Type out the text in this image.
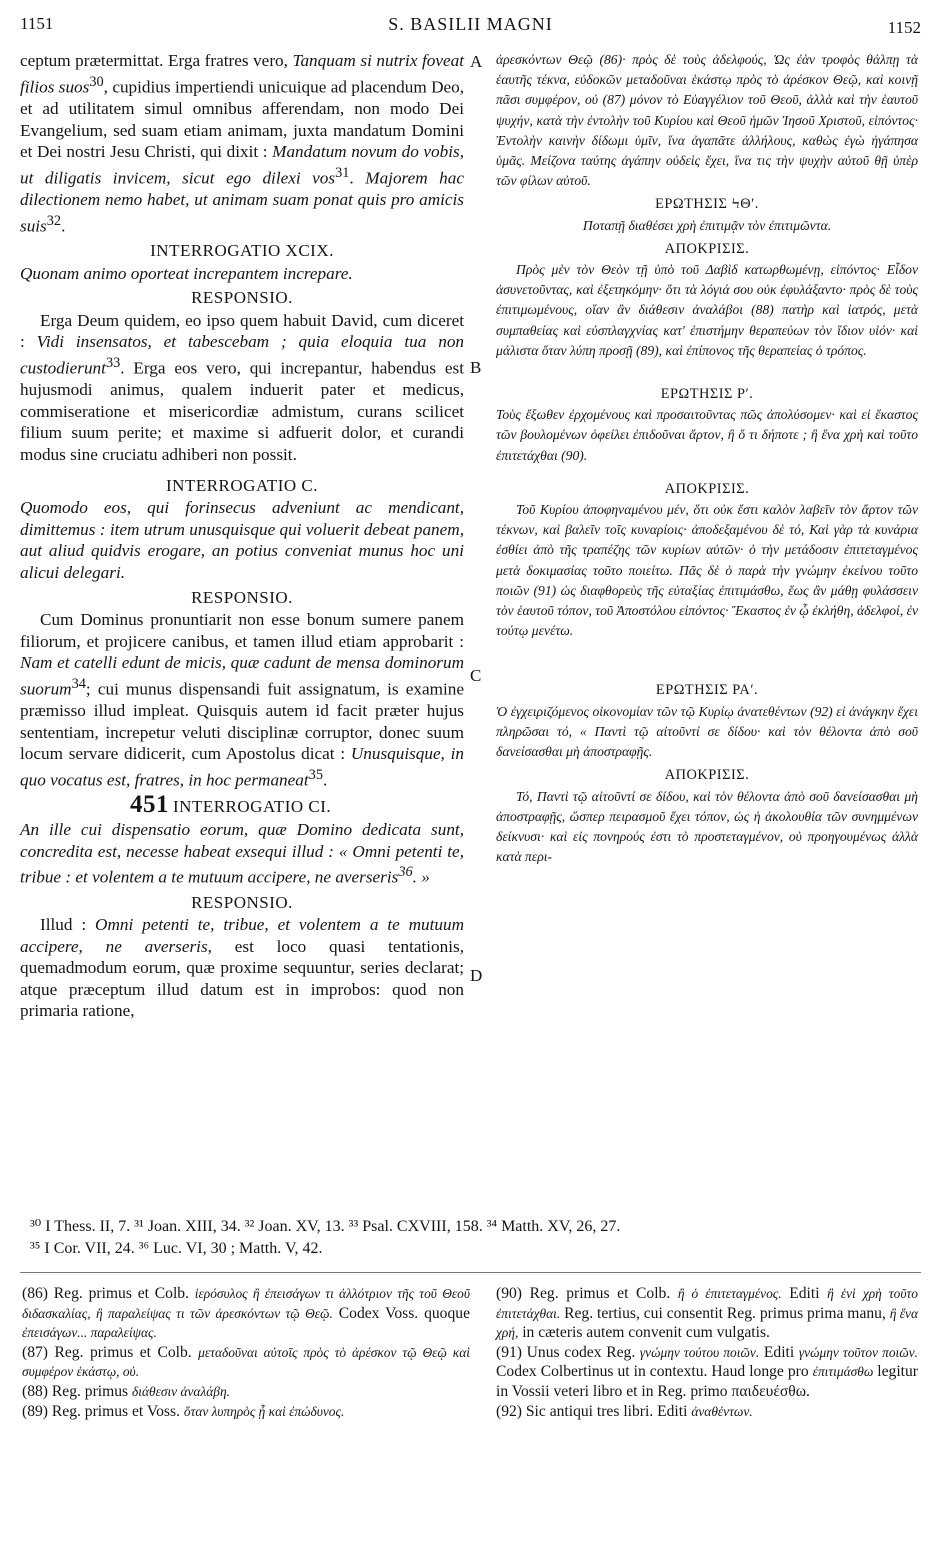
1151	S. BASILII MAGNI	1152
A
B
C
D

ceptum prætermittat. Erga fratres vero, Tanquam si nutrix foveat filios suos$^{30}$, cupidius impertiendi unicuique ad placendum Deo, et ad utilitatem simul omnibus afferendam, non modo Dei Evangelium, sed suam etiam animam, juxta mandatum Domini et Dei nostri Jesu Christi, qui dixit : Mandatum novum do vobis, ut diligatis invicem, sicut ego dilexi vos$^{31}$. Majorem hac dilectionem nemo habet, ut animam suam ponat quis pro amicis suis$^{32}$.

INTERROGATIO XCIX.

Quonam animo oporteat increpantem increpare.

RESPONSIO.

Erga Deum quidem, eo ipso quem habuit David, cum diceret : Vidi insensatos, et tabescebam ; quia eloquia tua non custodierunt$^{33}$. Erga eos vero, qui increpantur, habendus est hujusmodi animus, qualem induerit pater et medicus, commiseratione et misericordiæ admistum, curans scilicet filium suum perite; et maxime si adfuerit dolor, et curandi modus sine cruciatu adhiberi non possit.

INTERROGATIO C.

Quomodo eos, qui forinsecus adveniunt ac mendicant, dimittemus : item utrum unusquisque qui voluerit debeat panem, aut aliud quidvis erogare, an potius conveniat munus hoc uni alicui delegari.

RESPONSIO.

Cum Dominus pronuntiarit non esse bonum sumere panem filiorum, et projicere canibus, et tamen illud etiam approbarit : Nam et catelli edunt de micis, quæ cadunt de mensa dominorum suorum$^{34}$; cui munus dispensandi fuit assignatum, is examine præmisso illud impleat. Quisquis autem id facit præter hujus sententiam, increpetur veluti disciplinæ corruptor, donec suum locum servare didicerit, cum Apostolus dicat : Unusquisque, in quo vocatus est, fratres, in hoc permaneat$^{35}$.

451 INTERROGATIO CI.

An ille cui dispensatio eorum, quæ Domino dedicata sunt, concredita est, necesse habeat exsequi illud : « Omni petenti te, tribue : et volentem a te mutuum accipere, ne averseris$^{36}$. »

RESPONSIO.

Illud : Omni petenti te, tribue, et volentem a te mutuum accipere, ne averseris, est loco quasi tentationis, quemadmodum eorum, quæ proxime sequuntur, series declarat; atque præceptum illud datum est in improbos: quod non primaria ratione,

ἀρεσκόντων Θεῷ (86)· πρὸς δὲ τοὺς ἀδελφούς, Ὡς ἐὰν τροφὸς θάλπῃ τὰ ἑαυτῆς τέκνα, εὐδοκῶν μεταδοῦναι ἑκάστῳ πρὸς τὸ ἀρέσκον Θεῷ, καὶ κοινῇ πᾶσι συμφέρον, οὐ (87) μόνον τὸ Εὐαγγέλιον τοῦ Θεοῦ, ἀλλὰ καὶ τὴν ἑαυτοῦ ψυχήν, κατὰ τὴν ἐντολὴν τοῦ Κυρίου καὶ Θεοῦ ἡμῶν Ἰησοῦ Χριστοῦ, εἰπόντος· Ἐντολὴν καινὴν δίδωμι ὑμῖν, ἵνα ἀγαπᾶτε ἀλλήλους, καθὼς ἐγὼ ἠγάπησα ὑμᾶς. Μείζονα ταύτης ἀγάπην οὐδεὶς ἔχει, ἵνα τις τὴν ψυχὴν αὐτοῦ θῇ ὑπὲρ τῶν φίλων αὐτοῦ.

ΕΡΩΤΗΣΙΣ ϞΘʹ.

Ποταπῇ διαθέσει χρὴ ἐπιτιμᾷν τὸν ἐπιτιμῶντα.

ΑΠΟΚΡΙΣΙΣ.

Πρὸς μὲν τὸν Θεὸν τῇ ὑπὸ τοῦ Δαβὶδ κατωρθωμένῃ, εἰπόντος· Εἶδον ἀσυνετοῦντας, καὶ ἐξετηκόμην· ὅτι τὰ λόγιά σου οὐκ ἐφυλάξαντο· πρὸς δὲ τοὺς ἐπιτιμωμένους, οἵαν ἂν διάθεσιν ἀναλάβοι (88) πατὴρ καὶ ἰατρός, μετὰ συμπαθείας καὶ εὐσπλαγχνίας κατ' ἐπιστήμην θεραπεύων τὸν ἴδιον υἱόν· καὶ μάλιστα ὅταν λύπη προσῇ (89), καὶ ἐπίπονος τῆς θεραπείας ὁ τρόπος.

ΕΡΩΤΗΣΙΣ Ρʹ.

Τοὺς ἔξωθεν ἐρχομένους καὶ προσαιτοῦντας πῶς ἀπολύσομεν· καὶ εἰ ἕκαστος τῶν βουλομένων ὀφείλει ἐπιδοῦναι ἄρτον, ἢ ὅ τι δήποτε ; ἢ ἕνα χρὴ καὶ τοῦτο ἐπιτετάχθαι (90).

ΑΠΟΚΡΙΣΙΣ.

Τοῦ Κυρίου ἀποφηναμένου μέν, ὅτι οὐκ ἔστι καλὸν λαβεῖν τὸν ἄρτον τῶν τέκνων, καὶ βαλεῖν τοῖς κυναρίοις· ἀποδεξαμένου δὲ τό, Καὶ γὰρ τὰ κυνάρια ἐσθίει ἀπὸ τῆς τραπέζης τῶν κυρίων αὐτῶν· ὁ τὴν μετάδοσιν ἐπιτεταγμένος μετὰ δοκιμασίας τοῦτο ποιείτω. Πᾶς δὲ ὁ παρὰ τὴν γνώμην ἐκείνου τοῦτο ποιῶν (91) ὡς διαφθορεὺς τῆς εὐταξίας ἐπιτιμάσθω, ἕως ἂν μάθῃ φυλάσσειν τὸν ἑαυτοῦ τόπον, τοῦ Ἀποστόλου εἰπόντος· Ἕκαστος ἐν ᾧ ἐκλήθη, ἀδελφοί, ἐν τούτῳ μενέτω.

ΕΡΩΤΗΣΙΣ ΡΑʹ.

Ὁ ἐγχειριζόμενος οἰκονομίαν τῶν τῷ Κυρίῳ ἀνατεθέντων (92) εἰ ἀνάγκην ἔχει πληρῶσαι τό, « Παντὶ τῷ αἰτοῦντί σε δίδου· καὶ τὸν θέλοντα ἀπὸ σοῦ δανείσασθαι μὴ ἀποστραφῇς.

ΑΠΟΚΡΙΣΙΣ.

Τό, Παντὶ τῷ αἰτοῦντί σε δίδου, καὶ τὸν θέλοντα ἀπὸ σοῦ δανείσασθαι μὴ ἀποστραφῇς, ὥσπερ πειρασμοῦ ἔχει τόπον, ὡς ἡ ἀκολουθία τῶν συνημμένων δείκνυσι· καὶ εἰς πονηρούς ἐστι τὸ προστεταγμένον, οὐ προηγουμένως ἀλλὰ κατὰ περι-

³⁰ I Thess. II, 7. ³¹ Joan. XIII, 34. ³² Joan. XV, 13. ³³ Psal. CXVIII, 158. ³⁴ Matth. XV, 26, 27.
³⁵ I Cor. VII, 24. ³⁶ Luc. VI, 30 ; Matth. V, 42.

(86) Reg. primus et Colb. ἱερόσυλος ἢ ἐπεισάγων τι ἀλλότριον τῆς τοῦ Θεοῦ διδασκαλίας, ἢ παραλείψας τι τῶν ἀρεσκόντων τῷ Θεῷ. Codex Voss. quoque ἐπεισάγων... παραλείψας.

(87) Reg. primus et Colb. μεταδοῦναι αὐτοῖς πρὸς τὸ ἀρέσκον τῷ Θεῷ καὶ συμφέρον ἑκάστῳ, οὐ.

(88) Reg. primus διάθεσιν ἀναλάβη.

(89) Reg. primus et Voss. ὅταν λυπηρὸς ᾖ καὶ ἐπώδυνος.

(90) Reg. primus et Colb. ἢ ὁ ἐπιτεταγμένος. Editi ἢ ἑνὶ χρὴ τοῦτο ἐπιτετάχθαι. Reg. tertius, cui consentit Reg. primus prima manu, ἢ ἕνα χρή, in cæteris autem convenit cum vulgatis.

(91) Unus codex Reg. γνώμην τούτου ποιῶν. Editi γνώμην τοῦτον ποιῶν. Codex Colbertinus ut in contextu. Haud longe pro ἐπιτιμάσθω legitur in Vossii veteri libro et in Reg. primo παιδευέσθω.

(92) Sic antiqui tres libri. Editi ἀναθέντων.
